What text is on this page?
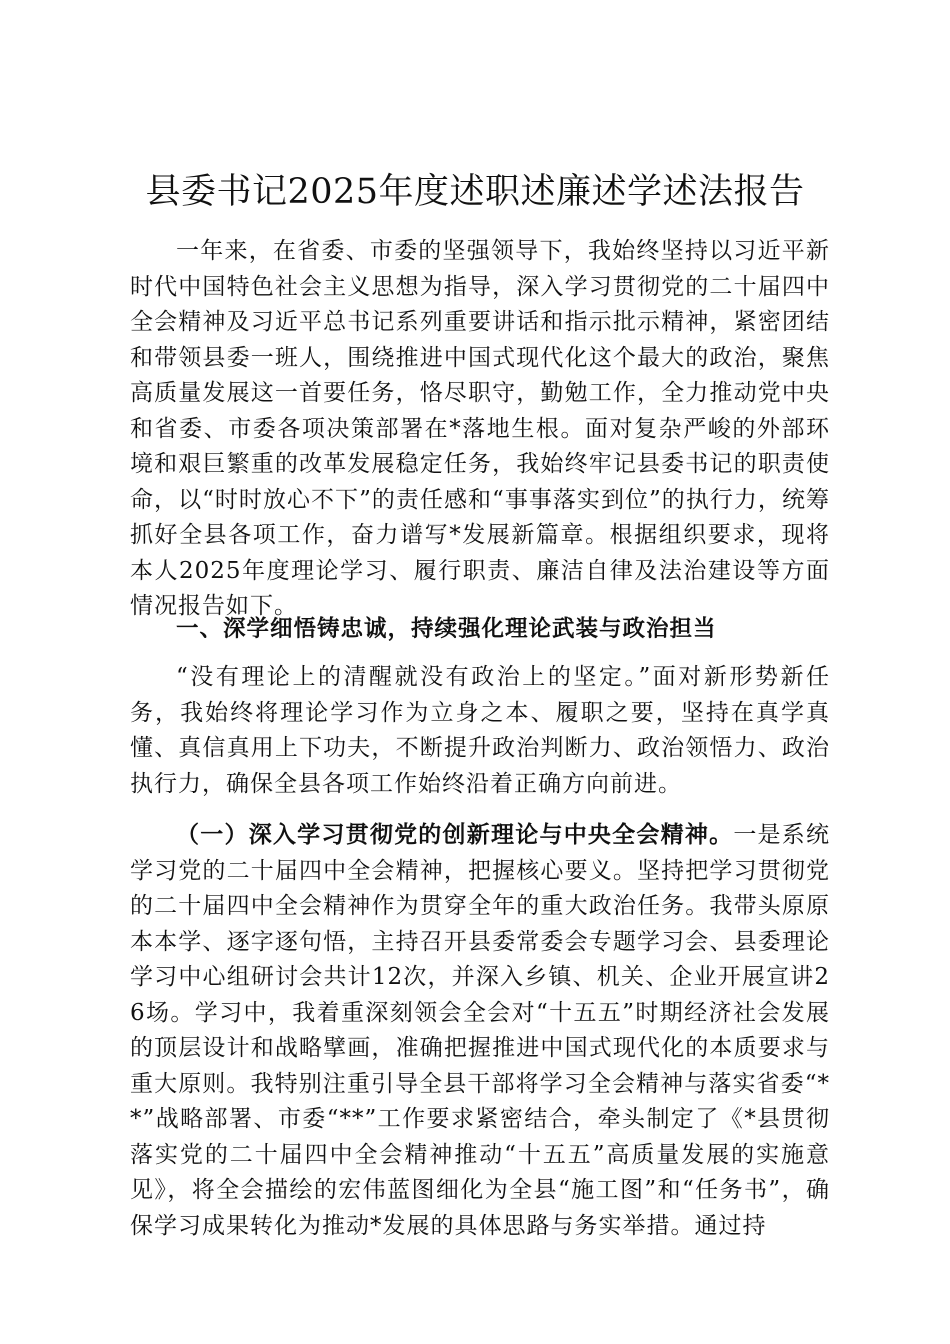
县委书记2025年度述职述廉述学述法报告

一年来，在省委、市委的坚强领导下，我始终坚持以习近平新时代中国特色社会主义思想为指导，深入学习贯彻党的二十届四中全会精神及习近平总书记系列重要讲话和指示批示精神，紧密团结和带领县委一班人，围绕推进中国式现代化这个最大的政治，聚焦高质量发展这一首要任务，恪尽职守，勤勉工作，全力推动党中央和省委、市委各项决策部署在*落地生根。面对复杂严峻的外部环境和艰巨繁重的改革发展稳定任务，我始终牢记县委书记的职责使命，以“时时放心不下”的责任感和“事事落实到位”的执行力，统筹抓好全县各项工作，奋力谱写*发展新篇章。根据组织要求，现将本人2025年度理论学习、履行职责、廉洁自律及法治建设等方面情况报告如下。

一、深学细悟铸忠诚，持续强化理论武装与政治担当

“没有理论上的清醒就没有政治上的坚定。”面对新形势新任务，我始终将理论学习作为立身之本、履职之要，坚持在真学真懂、真信真用上下功夫，不断提升政治判断力、政治领悟力、政治执行力，确保全县各项工作始终沿着正确方向前进。

（一）深入学习贯彻党的创新理论与中央全会精神。一是系统学习党的二十届四中全会精神，把握核心要义。坚持把学习贯彻党的二十届四中全会精神作为贯穿全年的重大政治任务。我带头原原本本学、逐字逐句悟，主持召开县委常委会专题学习会、县委理论学习中心组研讨会共计12次，并深入乡镇、机关、企业开展宣讲26场。学习中，我着重深刻领会全会对“十五五”时期经济社会发展的顶层设计和战略擘画，准确把握推进中国式现代化的本质要求与重大原则。我特别注重引导全县干部将学习全会精神与落实省委“**”战略部署、市委“**”工作要求紧密结合，牵头制定了《*县贯彻落实党的二十届四中全会精神推动“十五五”高质量发展的实施意见》，将全会描绘的宏伟蓝图细化为全县“施工图”和“任务书”，确保学习成果转化为推动*发展的具体思路与务实举措。通过持
